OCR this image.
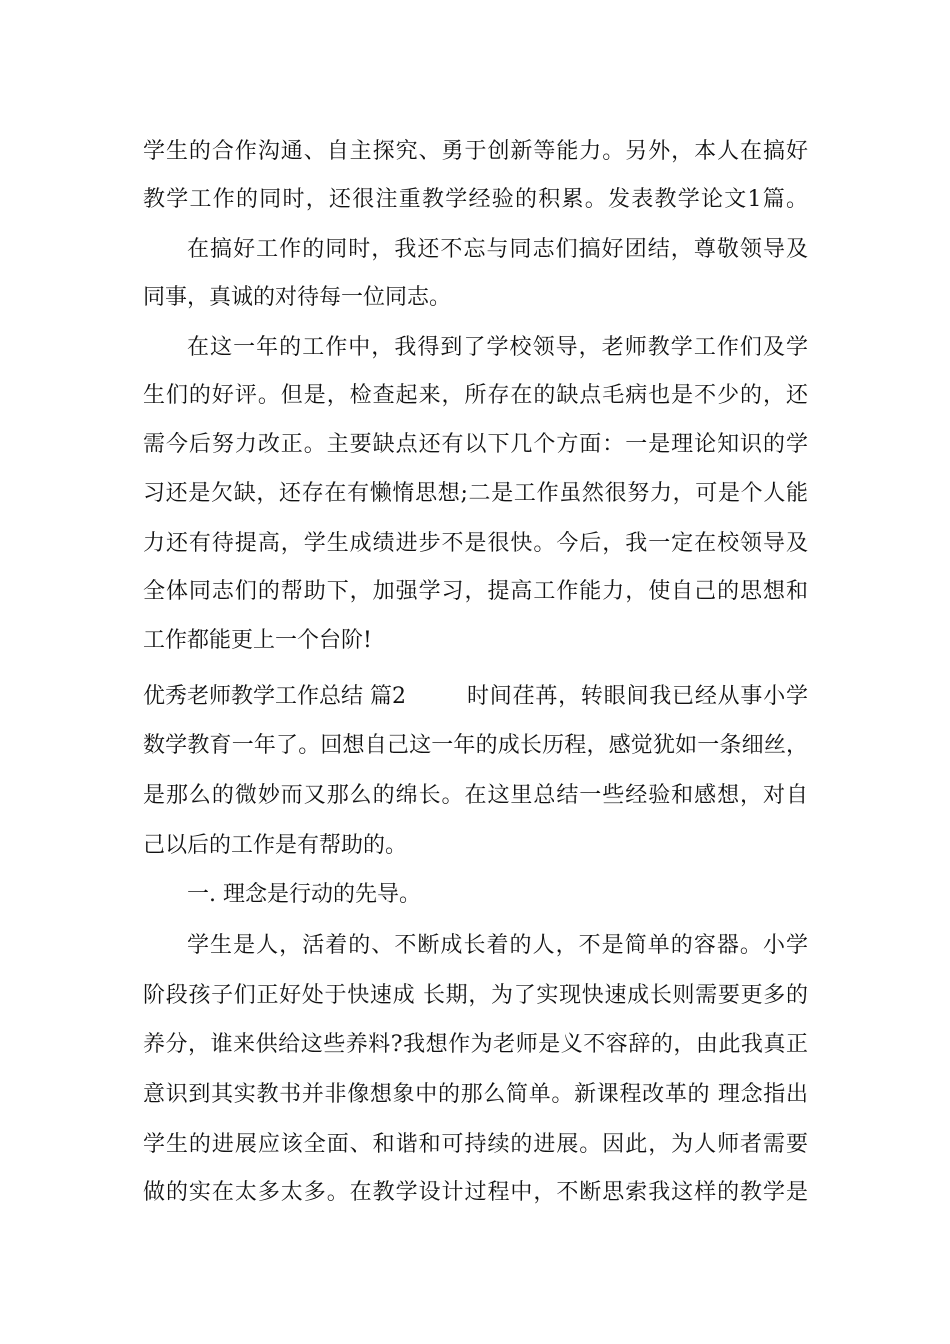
学生的合作沟通、自主探究、勇于创新等能力。另外，本人在搞好
教学工作的同时，还很注重教学经验的积累。发表教学论文1篇。
在搞好工作的同时，我还不忘与同志们搞好团结，尊敬领导及
同事，真诚的对待每一位同志。
在这一年的工作中，我得到了学校领导，老师教学工作们及学
生们的好评。但是，检查起来，所存在的缺点毛病也是不少的，还
需今后努力改正。主要缺点还有以下几个方面：一是理论知识的学
习还是欠缺，还存在有懒惰思想;二是工作虽然很努力，可是个人能
力还有待提高，学生成绩进步不是很快。今后，我一定在校领导及
全体同志们的帮助下，加强学习，提高工作能力，使自己的思想和
工作都能更上一个台阶!
优秀老师教学工作总结 篇2	时间荏苒，转眼间我已经从事小学
数学教育一年了。回想自己这一年的成长历程，感觉犹如一条细丝，
是那么的微妙而又那么的绵长。在这里总结一些经验和感想，对自
己以后的工作是有帮助的。
一. 理念是行动的先导。
学生是人，活着的、不断成长着的人，不是简单的容器。小学
阶段孩子们正好处于快速成 长期，为了实现快速成长则需要更多的
养分，谁来供给这些养料?我想作为老师是义不容辞的，由此我真正
意识到其实教书并非像想象中的那么简单。新课程改革的 理念指出
学生的进展应该全面、和谐和可持续的进展。因此，为人师者需要
做的实在太多太多。在教学设计过程中，不断思索我这样的教学是
